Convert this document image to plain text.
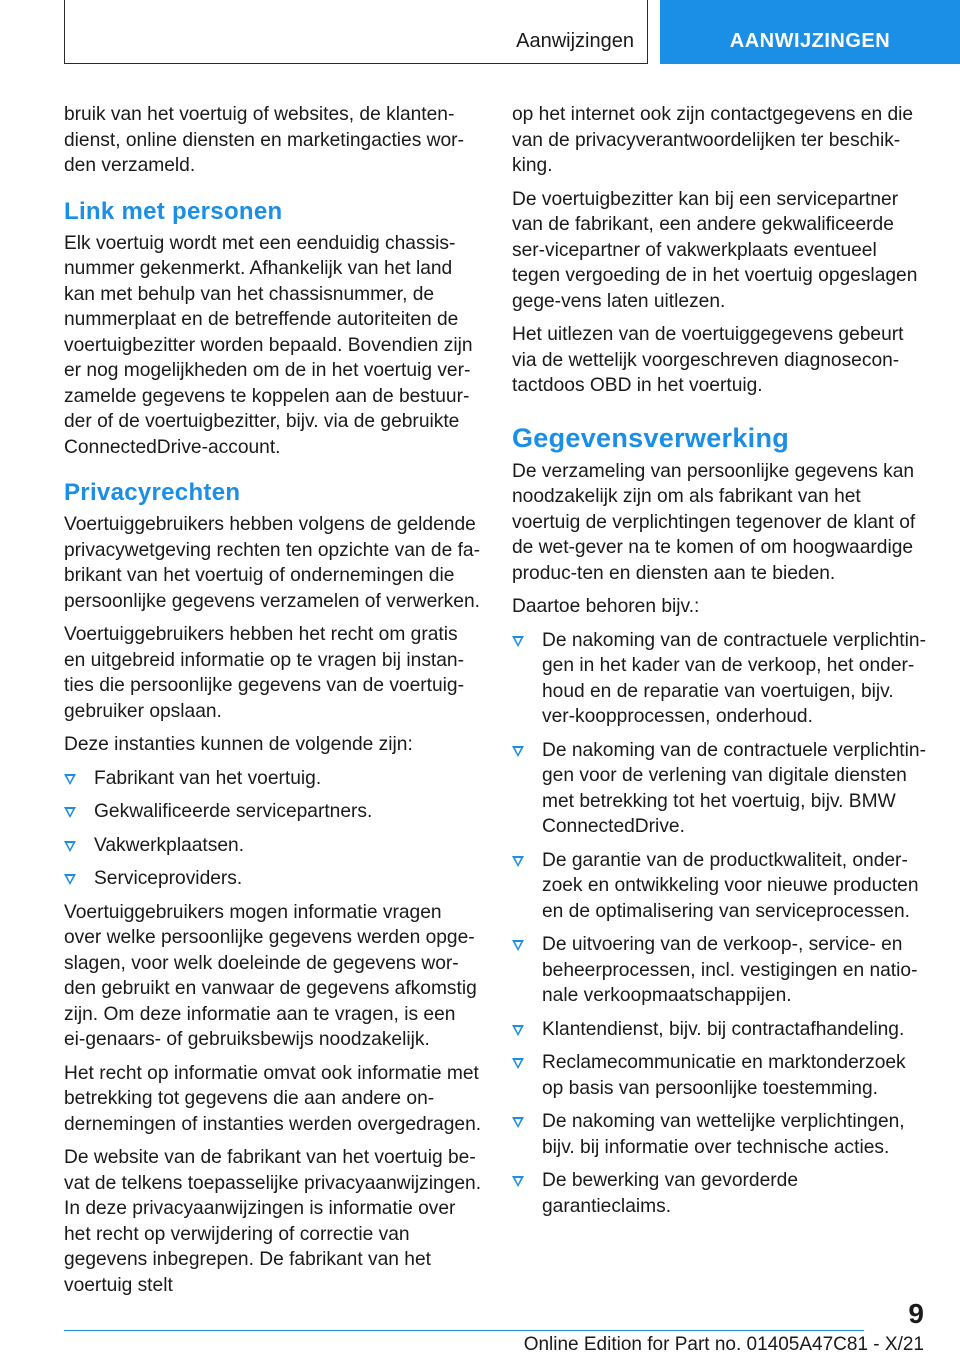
Aanwijzingen	AANWIJZINGEN

bruik van het voertuig of websites, de klanten-dienst, online diensten en marketingacties wor-den verzameld.

Link met personen

Elk voertuig wordt met een eenduidig chassis-nummer gekenmerkt. Afhankelijk van het land kan met behulp van het chassisnummer, de nummerplaat en de betreffende autoriteiten de voertuigbezitter worden bepaald. Bovendien zijn er nog mogelijkheden om de in het voertuig ver-zamelde gegevens te koppelen aan de bestuur-der of de voertuigbezitter, bijv. via de gebruikte ConnectedDrive-account.

Privacyrechten

Voertuiggebruikers hebben volgens de geldende privacywetgeving rechten ten opzichte van de fa-brikant van het voertuig of ondernemingen die persoonlijke gegevens verzamelen of verwerken.

Voertuiggebruikers hebben het recht om gratis en uitgebreid informatie op te vragen bij instan-ties die persoonlijke gegevens van de voertuig-gebruiker opslaan.

Deze instanties kunnen de volgende zijn:

Fabrikant van het voertuig.
Gekwalificeerde servicepartners.
Vakwerkplaatsen.
Serviceproviders.

Voertuiggebruikers mogen informatie vragen over welke persoonlijke gegevens werden opge-slagen, voor welk doeleinde de gegevens wor-den gebruikt en vanwaar de gegevens afkomstig zijn. Om deze informatie aan te vragen, is een ei-genaars- of gebruiksbewijs noodzakelijk.

Het recht op informatie omvat ook informatie met betrekking tot gegevens die aan andere on-dernemingen of instanties werden overgedragen.

De website van de fabrikant van het voertuig be-vat de telkens toepasselijke privacyaanwijzingen. In deze privacyaanwijzingen is informatie over het recht op verwijdering of correctie van gegevens inbegrepen. De fabrikant van het voertuig stelt

op het internet ook zijn contactgegevens en die van de privacyverantwoordelijken ter beschik-king.

De voertuigbezitter kan bij een servicepartner van de fabrikant, een andere gekwalificeerde ser-vicepartner of vakwerkplaats eventueel tegen vergoeding de in het voertuig opgeslagen gege-vens laten uitlezen.

Het uitlezen van de voertuiggegevens gebeurt via de wettelijk voorgeschreven diagnosecon-tactdoos OBD in het voertuig.

Gegevensverwerking

De verzameling van persoonlijke gegevens kan noodzakelijk zijn om als fabrikant van het voertuig de verplichtingen tegenover de klant of de wet-gever na te komen of om hoogwaardige produc-ten en diensten aan te bieden.

Daartoe behoren bijv.:

De nakoming van de contractuele verplichtin-gen in het kader van de verkoop, het onder-houd en de reparatie van voertuigen, bijv. ver-koopprocessen, onderhoud.
De nakoming van de contractuele verplichtin-gen voor de verlening van digitale diensten met betrekking tot het voertuig, bijv. BMW ConnectedDrive.
De garantie van de productkwaliteit, onder-zoek en ontwikkeling voor nieuwe producten en de optimalisering van serviceprocessen.
De uitvoering van de verkoop-, service- en beheerprocessen, incl. vestigingen en natio-nale verkoopmaatschappijen.
Klantendienst, bijv. bij contractafhandeling.
Reclamecommunicatie en marktonderzoek op basis van persoonlijke toestemming.
De nakoming van wettelijke verplichtingen, bijv. bij informatie over technische acties.
De bewerking van gevorderde garantieclaims.
9
Online Edition for Part no. 01405A47C81 - X/21
